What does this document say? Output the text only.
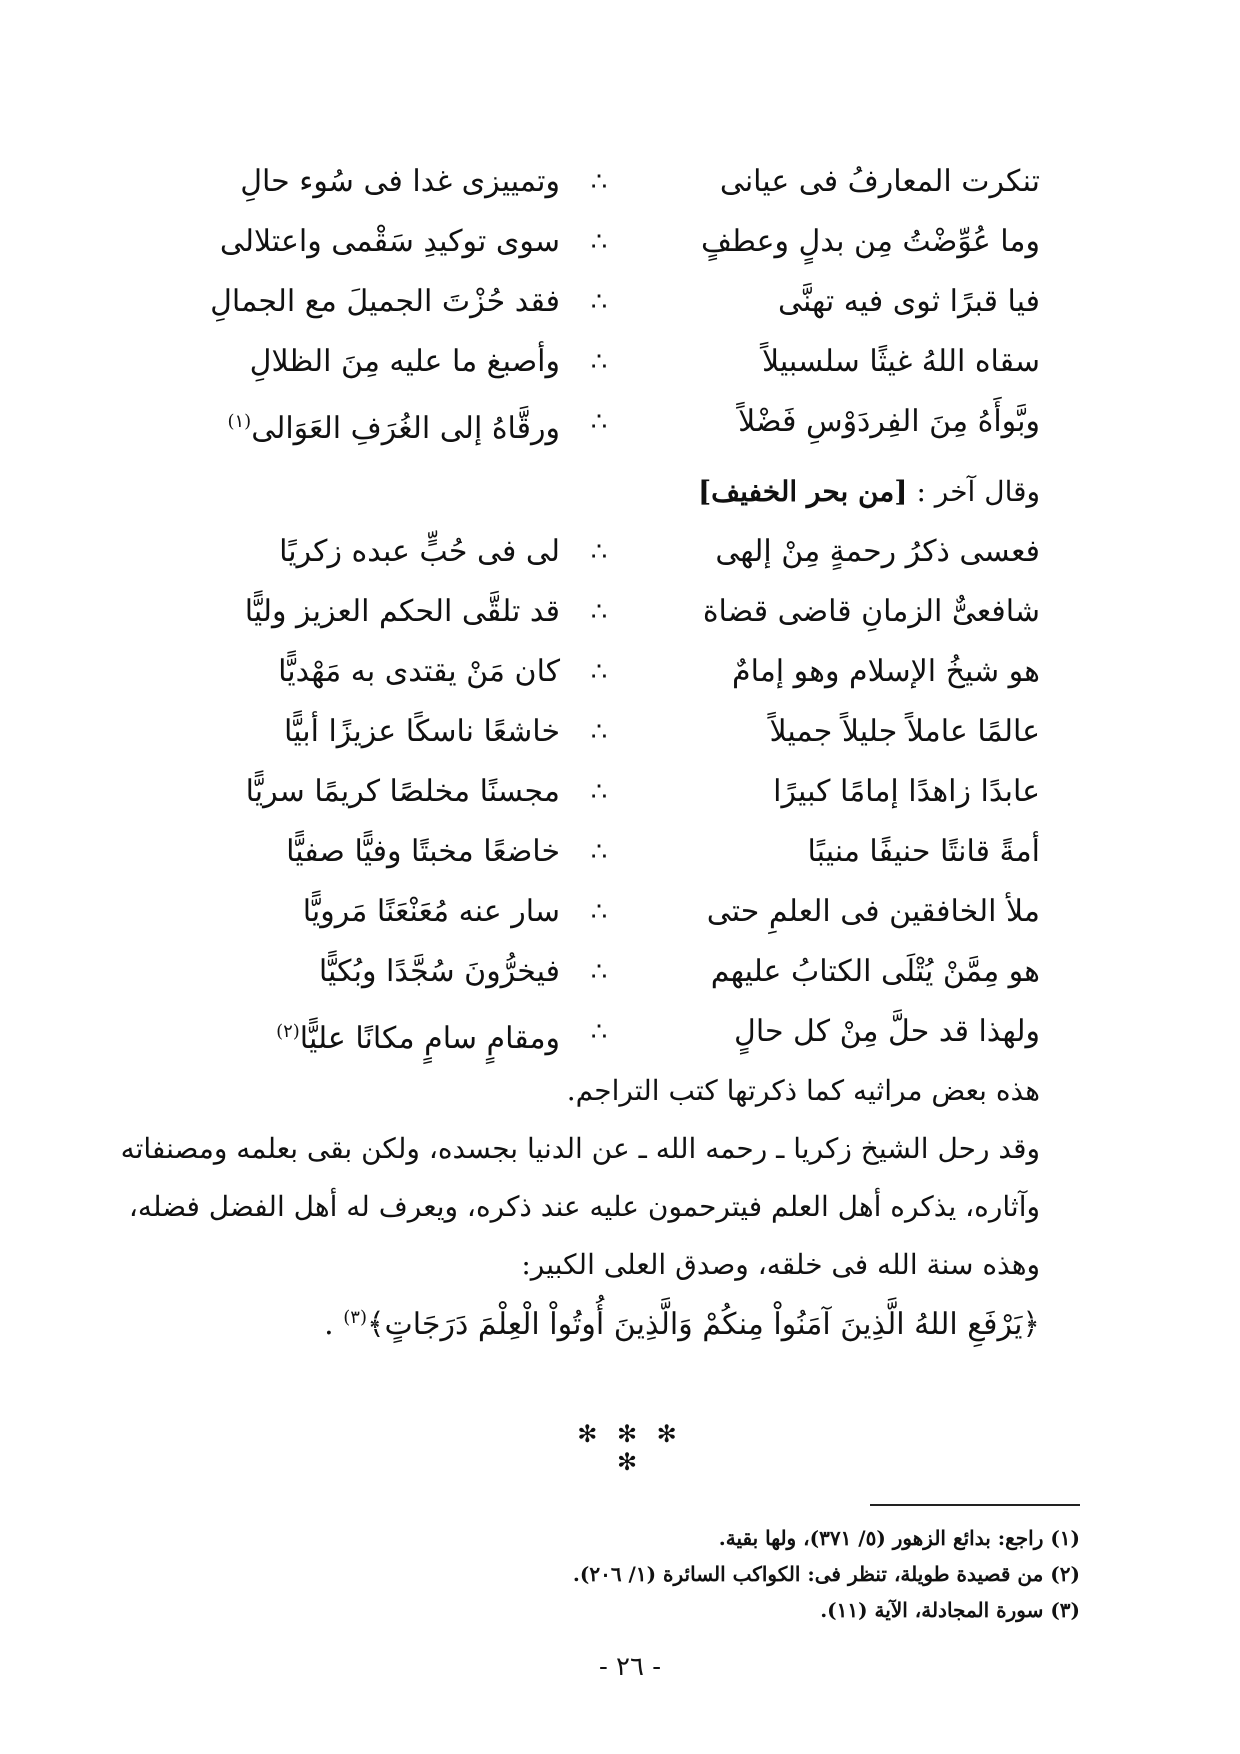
تنكرت المعارفُ فى عيانى
∴
وتمييزى غدا فى سُوء حالِ
وما عُوِّضْتُ مِن بدلٍ وعطفٍ
∴
سوى توكيدِ سَقْمى واعتلالى
فيا قبرًا ثوى فيه تهنَّى
∴
فقد حُزْتَ الجميلَ مع الجمالِ
سقاه اللهُ غيثًا سلسبيلاً
∴
وأصبغ ما عليه مِنَ الظلالِ
وبَّوأَهُ مِنَ الفِردَوْسِ فَضْلاً
∴
ورقَّاهُ إلى الغُرَفِ العَوَالى$^{(١)}$
وقال آخر : [من بحر الخفيف]
فعسى ذكرُ رحمةٍ مِنْ إلهى
∴
لى فى حُبٍّ عبده زكريًا
شافعىٌّ الزمانِ قاضى قضاة
∴
قد تلقَّى الحكم العزيز وليًّا
هو شيخُ الإسلام وهو إمامٌ
∴
كان مَنْ يقتدى به مَهْديًّا
عالمًا عاملاً جليلاً جميلاً
∴
خاشعًا ناسكًا عزيزًا أبيًّا
عابدًا زاهدًا إمامًا كبيرًا
∴
مجسنًا مخلصًا كريمًا سريًّا
أمةً قانتًا حنيفًا منيبًا
∴
خاضعًا مخبتًا وفيًّا صفيًّا
ملأ الخافقين فى العلمِ حتى
∴
سار عنه مُعَنْعَنًا مَرويًّا
هو مِمَّنْ يُتْلَى الكتابُ عليهم
∴
فيخرُّونَ سُجَّدًا وبُكيًّا
ولهذا قد حلَّ مِنْ كل حالٍ
∴
ومقامٍ سامٍ مكانًا عليًّا$^{(٢)}$
هذه بعض مراثيه كما ذكرتها كتب التراجم.
وقد رحل الشيخ زكريا ـ رحمه الله ـ عن الدنيا بجسده، ولكن بقى بعلمه ومصنفاته
وآثاره، يذكره أهل العلم فيترحمون عليه عند ذكره، ويعرف له أهل الفضل فضله،
وهذه سنة الله فى خلقه، وصدق العلى الكبير:
﴿يَرْفَعِ اللهُ الَّذِينَ آمَنُواْ مِنكُمْ وَالَّذِينَ أُوتُواْ الْعِلْمَ دَرَجَاتٍ﴾$^{(٣)}$ .
✻ ✻ ✻ ✻
(١) راجع: بدائع الزهور (٥/ ٣٧١)، ولها بقية.
(٢) من قصيدة طويلة، تنظر فى: الكواكب السائرة (١/ ٢٠٦).
(٣) سورة المجادلة، الآية (١١).
- ٢٦ -
